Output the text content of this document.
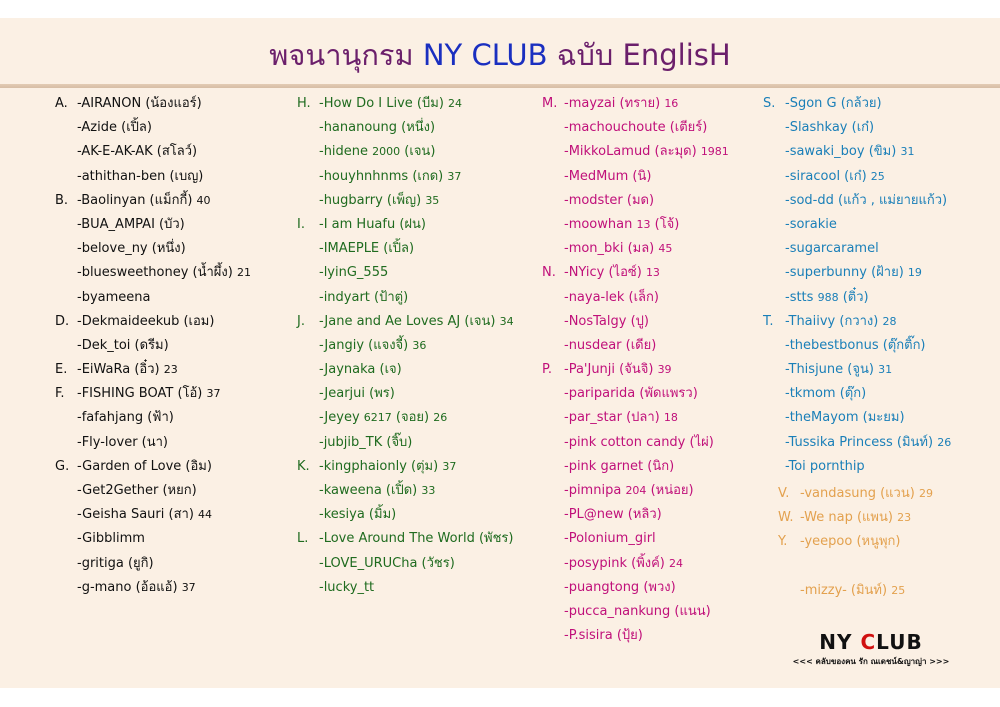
พจนานุกรม NY CLUB ฉบับ EnglisH
A.-AIRANON (น้องแอร์)
-Azide (เปิ้ล)
-AK-E-AK-AK (สโลว์)
-athithan-ben (เบญ)
B. -Baolinyan (แม็กกี้) 40
-BUA_AMPAI (บัว)
-belove_ny (หนึ่ง)
-bluesweethoney (น้ำผึ้ง) 21
-byameena
D. -Dekmaideekub (เอม)
-Dek_toi (ดรีม)
E. -EiWaRa (อิ๋ว) 23
F. -FISHING BOAT (โอ้) 37
-fafahjang (ฟ้า)
-Fly-lover (นา)
G.-Garden of Love (อิม)
-Get2Gether (หยก)
-Geisha Sauri (สา) 44
-Gibblimm
-gritiga (ยูกิ)
-g-mano (อ้อแอ้) 37
H.-How Do I Live (บีม) 24
-hananoung (หนึ่ง)
-hidene 2000 (เจน)
-houyhnhnms (เกด) 37
-hugbarry (เพ็ญ) 35
I. -I am Huafu (ฝน)
-IMAEPLE (เปิ้ล)
-lyinG_555
-indyart (ป้าตู่)
J.-Jane and Ae Loves AJ (เจน) 34
-Jangiy (แจงจี้) 36
-Jaynaka (เจ)
-Jearjui (พร)
-Jeyey 6217 (จอย) 26
-jubjib_TK (จิ๊บ)
K.-kingphaionly (ตุ่ม) 37
-kaweena (เปิ้ด) 33
-kesiya (มิ้ม)
L. -Love Around The World (พัชร)
-LOVE_URUCha (วัชร)
-lucky_tt
M.-mayzai (ทราย) 16
-machouchoute (เตียร์)
-MikkoLamud (ละมุด) 1981
-MedMum (นิ)
-modster (มด)
-moowhan 13 (โจ้)
-mon_bki (มล) 45
N.-NYicy (ไอซ์) 13
-naya-lek (เล็ก)
-NosTalgy (ปู)
-nusdear (เดีย)
P. -Pa'Junji (จันจิ) 39
-pariparida (พัดแพรว)
-par_star (ปลา) 18
-pink cotton candy (ไผ่)
-pink garnet (นิก)
-pimnipa 204 (หน่อย)
-PL@new (หลิว)
-Polonium_girl
-posypink (พิ้งค์) 24
-puangtong (พวง)
-pucca_nankung (แนน)
-P.sisira (ปุ้ย)
S.-Sgon G (กล้วย)
-Slashkay (เก๋)
-sawaki_boy (ขิม) 31
-siracool (เก๋) 25
-sod-dd (แก้ว , แม่ยายแก้ว)
-sorakie
-sugarcaramel
-superbunny (ฝ้าย) 19
-stts 988 (ติ๋ว)
T. -Thaiivy (กวาง) 28
-thebestbonus (ตุ๊กติ๊ก)
-Thisjune (จูน) 31
-tkmom (ตุ๊ก)
-theMayom (มะยม)
-Tussika Princess (มินท์) 26
-Toi pornthip
V. -vandasung (แวน) 29
W. -We nap (แพน) 23
Y. -yeepoo (หนูพุก)
-mizzy- (มินท์) 25
NY CLUB
<<< คลับของคน รัก ณเดชน์&ญาญ่า >>>
